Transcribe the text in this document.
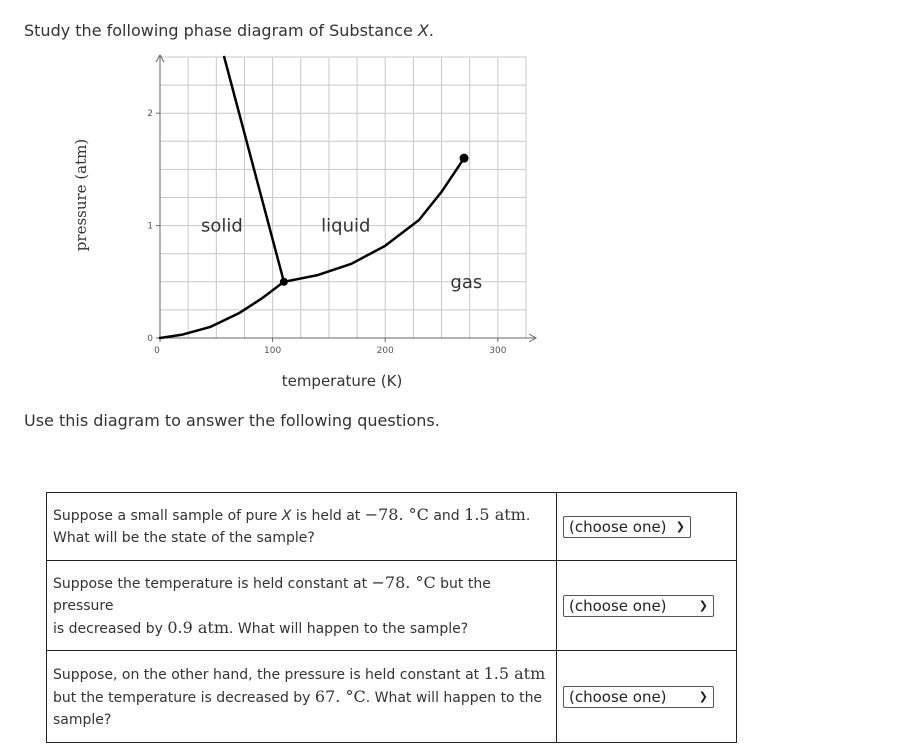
Study the following phase diagram of Substance X.

0	100	200	300
0
1
2
solid	liquid
gas
temperature (K)
pressure (atm)

Use this diagram to answer the following questions.

Suppose a small sample of pure X is held at −78. °C and 1.5 atm.
What will be the state of the sample?	(choose one) ❯

Suppose the temperature is held constant at −78. °C but the pressure
is decreased by 0.9 atm. What will happen to the sample?	(choose one) ❯

Suppose, on the other hand, the pressure is held constant at 1.5 atm
but the temperature is decreased by 67. °C. What will happen to the
sample?	(choose one) ❯
